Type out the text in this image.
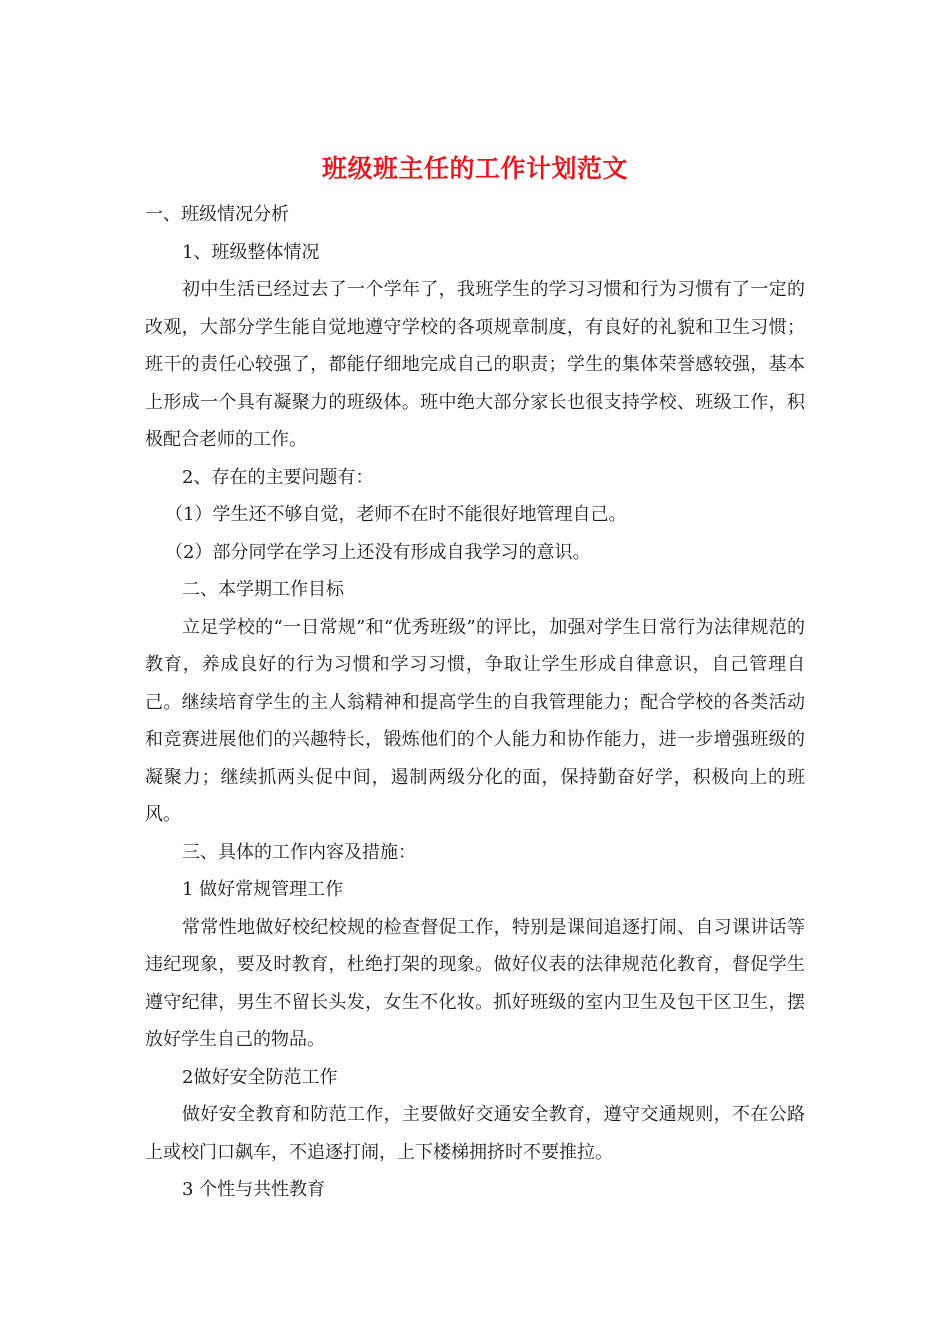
班级班主任的工作计划范文

一、班级情况分析

1、班级整体情况

初中生活已经过去了一个学年了，我班学生的学习习惯和行为习惯有了一定的改观，大部分学生能自觉地遵守学校的各项规章制度，有良好的礼貌和卫生习惯；班干的责任心较强了，都能仔细地完成自己的职责；学生的集体荣誉感较强，基本上形成一个具有凝聚力的班级体。班中绝大部分家长也很支持学校、班级工作，积极配合老师的工作。

2、存在的主要问题有：

（1）学生还不够自觉，老师不在时不能很好地管理自己。

（2）部分同学在学习上还没有形成自我学习的意识。

二、本学期工作目标

立足学校的“一日常规”和“优秀班级”的评比，加强对学生日常行为法律规范的教育，养成良好的行为习惯和学习习惯，争取让学生形成自律意识，自己管理自己。继续培育学生的主人翁精神和提高学生的自我管理能力；配合学校的各类活动和竞赛进展他们的兴趣特长，锻炼他们的个人能力和协作能力，进一步增强班级的凝聚力；继续抓两头促中间，遏制两级分化的面，保持勤奋好学，积极向上的班风。

三、具体的工作内容及措施：

1 做好常规管理工作

常常性地做好校纪校规的检查督促工作，特别是课间追逐打闹、自习课讲话等违纪现象，要及时教育，杜绝打架的现象。做好仪表的法律规范化教育，督促学生遵守纪律，男生不留长头发，女生不化妆。抓好班级的室内卫生及包干区卫生，摆放好学生自己的物品。

2做好安全防范工作

做好安全教育和防范工作，主要做好交通安全教育，遵守交通规则，不在公路上或校门口飙车，不追逐打闹，上下楼梯拥挤时不要推拉。

3 个性与共性教育
